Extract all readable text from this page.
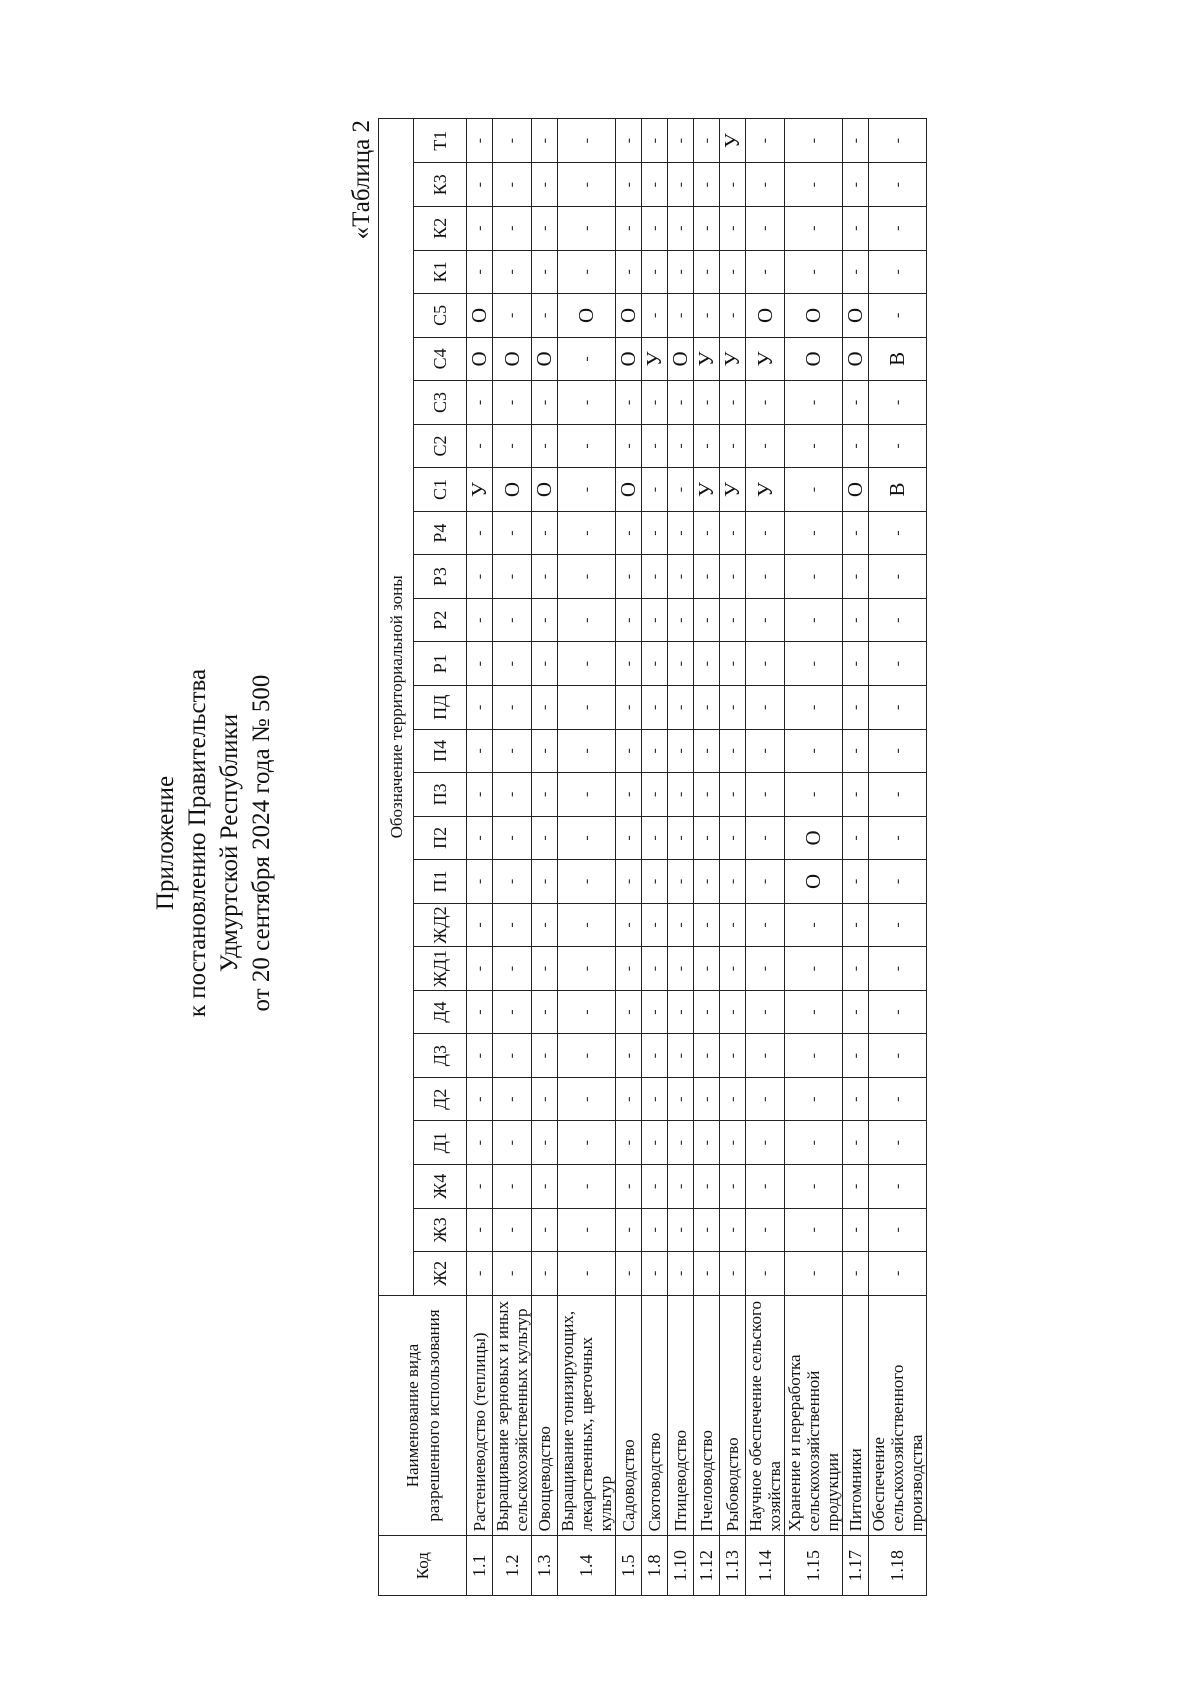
Приложение к постановлению Правительства Удмуртской Республики от 20 сентября 2024 года № 500
«Таблица 2
Код	Наименование вида разрешенного использования	Обозначение территориальной зоны																										
		Ж2	Ж3	Ж4	Д1	Д2	Д3	Д4	ЖД1	ЖД2	П1	П2	П3	П4	ПД	Р1	Р2	Р3	Р4	С1	С2	С3	С4	С5	К1	К2	К3	Т1
1.1	Растениеводство (теплицы)	-	-	-	-	-	-	-	-	-	-	-	-	-	-	-	-	-	-	У	-	-	О	О	-	-	-	-
1.2	Выращивание зерновых и иных сельскохозяйственных культур	-	-	-	-	-	-	-	-	-	-	-	-	-	-	-	-	-	-	О	-	-	О	-	-	-	-	-
1.3	Овощеводство	-	-	-	-	-	-	-	-	-	-	-	-	-	-	-	-	-	-	О	-	-	О	-	-	-	-	-
1.4	Выращивание тонизирующих, лекарственных, цветочных культур	-	-	-	-	-	-	-	-	-	-	-	-	-	-	-	-	-	-	-	-	-	-	О	-	-	-	-
1.5	Садоводство	-	-	-	-	-	-	-	-	-	-	-	-	-	-	-	-	-	-	О	-	-	О	О	-	-	-	-
1.8	Скотоводство	-	-	-	-	-	-	-	-	-	-	-	-	-	-	-	-	-	-	-	-	-	У	-	-	-	-	-
1.10	Птицеводство	-	-	-	-	-	-	-	-	-	-	-	-	-	-	-	-	-	-	-	-	-	О	-	-	-	-	-
1.12	Пчеловодство	-	-	-	-	-	-	-	-	-	-	-	-	-	-	-	-	-	-	У	-	-	У	-	-	-	-	-
1.13	Рыбоводство	-	-	-	-	-	-	-	-	-	-	-	-	-	-	-	-	-	-	У	-	-	У	-	-	-	-	У
1.14	Научное обеспечение сельского хозяйства	-	-	-	-	-	-	-	-	-	-	-	-	-	-	-	-	-	-	У	-	-	У	О	-	-	-	-
1.15	Хранение и переработка сельскохозяйственной продукции	-	-	-	-	-	-	-	-	-	О	О	-	-	-	-	-	-	-	-	-	-	О	О	-	-	-	-
1.17	Питомники	-	-	-	-	-	-	-	-	-	-	-	-	-	-	-	-	-	-	О	-	-	О	О	-	-	-	-
1.18	Обеспечение сельскохозяйственного производства	-	-	-	-	-	-	-	-	-	-	-	-	-	-	-	-	-	-	В	-	-	В	-	-	-	-	-
